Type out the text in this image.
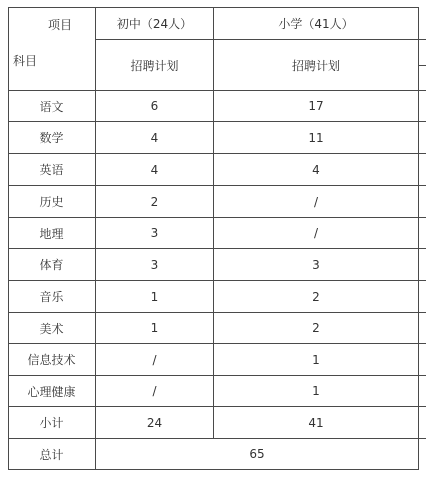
项目
科目
初中（24人）	小学（41人）
招聘计划	招聘计划
语文	6	17
数学	4	11
英语	4	4
历史	2	/
地理	3	/
体育	3	3
音乐	1	2
美术	1	2
信息技术	/	1
心理健康	/	1
小计	24	41
总计	65
